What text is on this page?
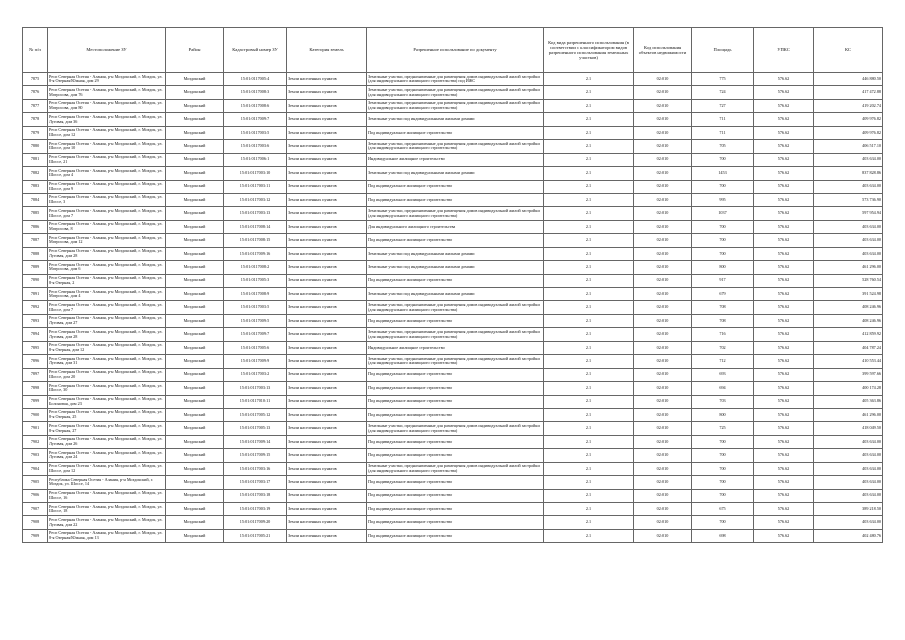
№ п/п	Местоположение ЗУ	Район	Кадастровый номер ЗУ	Категория земель	Разрешенное использование по документу	Код вида разрешенного использования (в соответствии с классификатором видов разрешенного использования земельных участков)	Код использования объектов недвижимости	Площадь	УПКС	КС
7875	Респ Северная Осетия - Алания, р-н Моздокский, г. Моздок, ул. 8-я Озерная/Южная, дом 29	Моздокский	15:01:0117005:4	Земли населенных пунктов	Земельные участки, предназначенные для размещения домов индивидуальной жилой застройки (для индивидуального жилищного строительства) под ИЖС	2.1	02:010	775	576.62	446 880.50
7876	Респ Северная Осетия - Алания, р-н Моздокский, г. Моздок, ул. Матросова, дом 76	Моздокский	15:01:0117008:3	Земли населенных пунктов	Земельные участки, предназначенные для размещения домов индивидуальной жилой застройки (для индивидуального жилищного строительства)	2.1	02:010	724	576.62	417 472.88
7877	Респ Северная Осетия - Алания, р-н Моздокский, г. Моздок, ул. Матросова, дом 80	Моздокский	15:01:0117008:6	Земли населенных пунктов	Земельные участки, предназначенные для размещения домов индивидуальной жилой застройки (для индивидуального жилищного строительства)	2.1	02:010	727	576.62	419 202.74
7878	Респ Северная Осетия - Алания, р-н Моздокский, г. Моздок, ул. Луговая, дом 36	Моздокский	15:01:0117009:7	Земли населенных пунктов	Земельные участки под индивидуальными жилыми домами	2.1	02:010	711	576.62	409 976.82
7879	Респ Северная Осетия - Алания, р-н Моздокский, г. Моздок, ул. Шоссе, дом 12	Моздокский	15:01:0117003:5	Земли населенных пунктов	Под индивидуальное жилищное строительство	2.1	02:010	711	576.62	409 976.82
7880	Респ Северная Осетия - Алания, р-н Моздокский, г. Моздок, ул. Шоссе, дом 10	Моздокский	15:01:0117003:6	Земли населенных пунктов	Земельные участки, предназначенные для размещения домов индивидуальной жилой застройки (для индивидуального жилищного строительства)	2.1	02:010	705	576.62	406 517.10
7881	Респ Северная Осетия - Алания, р-н Моздокский, г. Моздок, ул. Шоссе, 21	Моздокский	15:01:0117006:1	Земли населенных пунктов	Индивидуальное жилищное строительство	2.1	02:010	700	576.62	403 634.00
7882	Респ Северная Осетия - Алания, р-н Моздокский, г. Моздок, ул. Шоссе, дом 4	Моздокский	15:01:0117003:10	Земли населенных пунктов	Земельные участки под индивидуальными жилыми домами	2.1	02:010	1453	576.62	837 828.86
7883	Респ Северная Осетия - Алания, р-н Моздокский, г. Моздок, ул. Шоссе, дом 9	Моздокский	15:01:0117003:11	Земли населенных пунктов	Под индивидуальное жилищное строительство	2.1	02:010	700	576.62	403 634.00
7884	Респ Северная Осетия - Алания, р-н Моздокский, г. Моздок, ул. Шоссе, 3	Моздокский	15:01:0117003:12	Земли населенных пунктов	Под индивидуальное жилищное строительство	2.1	02:010	995	576.62	573 736.90
7885	Респ Северная Осетия - Алания, р-н Моздокский, г. Моздок, ул. Шоссе, дом 7	Моздокский	15:01:0117003:13	Земли населенных пунктов	Земельные участки, предназначенные для размещения домов индивидуальной жилой застройки (для индивидуального жилищного строительства)	2.1	02:010	1037	576.62	597 954.94
7886	Респ Северная Осетия - Алания, р-н Моздокский, г. Моздок, ул. Матросова, 8	Моздокский	15:01:0117008:14	Земли населенных пунктов	Для индивидуального жилищного строительства	2.1	02:010	700	576.62	403 634.00
7887	Респ Северная Осетия - Алания, р-н Моздокский, г. Моздок, ул. Матросова, дом 12	Моздокский	15:01:0117008:15	Земли населенных пунктов	Под индивидуальное жилищное строительство	2.1	02:010	700	576.62	403 634.00
7888	Респ Северная Осетия - Алания, р-н Моздокский, г. Моздок, ул. Луговая, дом 28	Моздокский	15:01:0117009:16	Земли населенных пунктов	Земельные участки под индивидуальными жилыми домами	2.1	02:010	700	576.62	403 634.00
7889	Респ Северная Осетия - Алания, р-н Моздокский, г. Моздок, ул. Матросова, дом 6	Моздокский	15:01:0117008:2	Земли населенных пунктов	Земельные участки под индивидуальными жилыми домами	2.1	02:010	800	576.62	461 296.00
7890	Респ Северная Осетия - Алания, р-н Моздокский, г. Моздок, ул. 8-я Озерная, 2	Моздокский	15:01:0117005:3	Земли населенных пунктов	Под индивидуальное жилищное строительство	2.1	02:010	917	576.62	528 760.54
7891	Респ Северная Осетия - Алания, р-н Моздокский, г. Моздок, ул. Матросова, дом 4	Моздокский	15:01:0117008:9	Земли населенных пунктов	Земельные участки под индивидуальными жилыми домами	2.1	02:010	679	576.62	391 524.98
7892	Респ Северная Осетия - Алания, р-н Моздокский, г. Моздок, ул. Шоссе, дом 7	Моздокский	15:01:0117003:5	Земли населенных пунктов	Земельные участки, предназначенные для размещения домов индивидуальной жилой застройки (для индивидуального жилищного строительства)	2.1	02:010	708	576.62	408 246.96
7893	Респ Северная Осетия - Алания, р-н Моздокский, г. Моздок, ул. Луговая, дом 27	Моздокский	15:01:0117009:5	Земли населенных пунктов	Под индивидуальное жилищное строительство	2.1	02:010	708	576.62	408 246.96
7894	Респ Северная Осетия - Алания, р-н Моздокский, г. Моздок, ул. Луговая, дом 28	Моздокский	15:01:0117009:7	Земли населенных пунктов	Земельные участки, предназначенные для размещения домов индивидуальной жилой застройки (для индивидуального жилищного строительства)	2.1	02:010	716	576.62	412 859.92
7895	Респ Северная Осетия - Алания, р-н Моздокский, г. Моздок, ул. 8-я Озерная, дом 12	Моздокский	15:01:0117005:6	Земли населенных пунктов	Индивидуальное жилищное строительство	2.1	02:010	702	576.62	404 787.24
7896	Респ Северная Осетия - Алания, р-н Моздокский, г. Моздок, ул. Луговая, дом 31	Моздокский	15:01:0117009:9	Земли населенных пунктов	Земельные участки, предназначенные для размещения домов индивидуальной жилой застройки (для индивидуального жилищного строительства)	2.1	02:010	712	576.62	410 553.44
7897	Респ Северная Осетия - Алания, р-н Моздокский, г. Моздок, ул. Шоссе, дом 20	Моздокский	15:01:0117003:2	Земли населенных пунктов	Под индивидуальное жилищное строительство	2.1	02:010	693	576.62	399 597.66
7898	Респ Северная Осетия - Алания, р-н Моздокский, г. Моздок, ул. Шоссе, 30	Моздокский	15:01:0117003:13	Земли населенных пунктов	Под индивидуальное жилищное строительство	2.1	02:010	694	576.62	400 174.28
7899	Респ Северная Осетия - Алания, р-н Моздокский, г. Моздок, ул. Болоновая, дом 23	Моздокский	15:01:0117010:11	Земли населенных пунктов	Под индивидуальное жилищное строительство	2.1	02:010	703	576.62	405 363.86
7900	Респ Северная Осетия - Алания, р-н Моздокский, г. Моздок, ул. 8-я Озерная, 25	Моздокский	15:01:0117005:12	Земли населенных пунктов	Под индивидуальное жилищное строительство	2.1	02:010	800	576.62	461 296.00
7901	Респ Северная Осетия - Алания, р-н Моздокский, г. Моздок, ул. 8-я Озерная, 27	Моздокский	15:01:0117005:13	Земли населенных пунктов	Земельные участки, предназначенные для размещения домов индивидуальной жилой застройки (для индивидуального жилищного строительства)	2.1	02:010	725	576.62	418 049.50
7902	Респ Северная Осетия - Алания, р-н Моздокский, г. Моздок, ул. Луговая, дом 26	Моздокский	15:01:0117009:14	Земли населенных пунктов	Под индивидуальное жилищное строительство	2.1	02:010	700	576.62	403 634.00
7903	Респ Северная Осетия - Алания, р-н Моздокский, г. Моздок, ул. Луговая, дом 24	Моздокский	15:01:0117009:15	Земли населенных пунктов	Под индивидуальное жилищное строительство	2.1	02:010	700	576.62	403 634.00
7904	Респ Северная Осетия - Алания, р-н Моздокский, г. Моздок, ул. Шоссе, дом 12	Моздокский	15:01:0117003:16	Земли населенных пунктов	Земельные участки, предназначенные для размещения домов индивидуальной жилой застройки (для индивидуального жилищного строительства)	2.1	02:010	700	576.62	403 634.00
7905	Республика Северная Осетия - Алания, р-н Моздокский, г. Моздок, ул. Шоссе, 14	Моздокский	15:01:0117003:17	Земли населенных пунктов	Под индивидуальное жилищное строительство	2.1	02:010	700	576.62	403 634.00
7906	Респ Северная Осетия - Алания, р-н Моздокский, г. Моздок, ул. Шоссе, 16	Моздокский	15:01:0117003:18	Земли населенных пунктов	Под индивидуальное жилищное строительство	2.1	02:010	700	576.62	403 634.00
7907	Респ Северная Осетия - Алания, р-н Моздокский, г. Моздок, ул. Шоссе, 18	Моздокский	15:01:0117003:19	Земли населенных пунктов	Под индивидуальное жилищное строительство	2.1	02:010	675	576.62	389 218.50
7908	Респ Северная Осетия - Алания, р-н Моздокский, г. Моздок, ул. Луговая, дом 22	Моздокский	15:01:0117009:20	Земли населенных пунктов	Под индивидуальное жилищное строительство	2.1	02:010	700	576.62	403 634.00
7909	Респ Северная Осетия - Алания, р-н Моздокский, г. Моздок, ул. 8-я Озерная/Южная, дом 13	Моздокский	15:01:0117005:21	Земли населенных пунктов	Под индивидуальное жилищное строительство	2.1	02:010	698	576.62	402 480.76
